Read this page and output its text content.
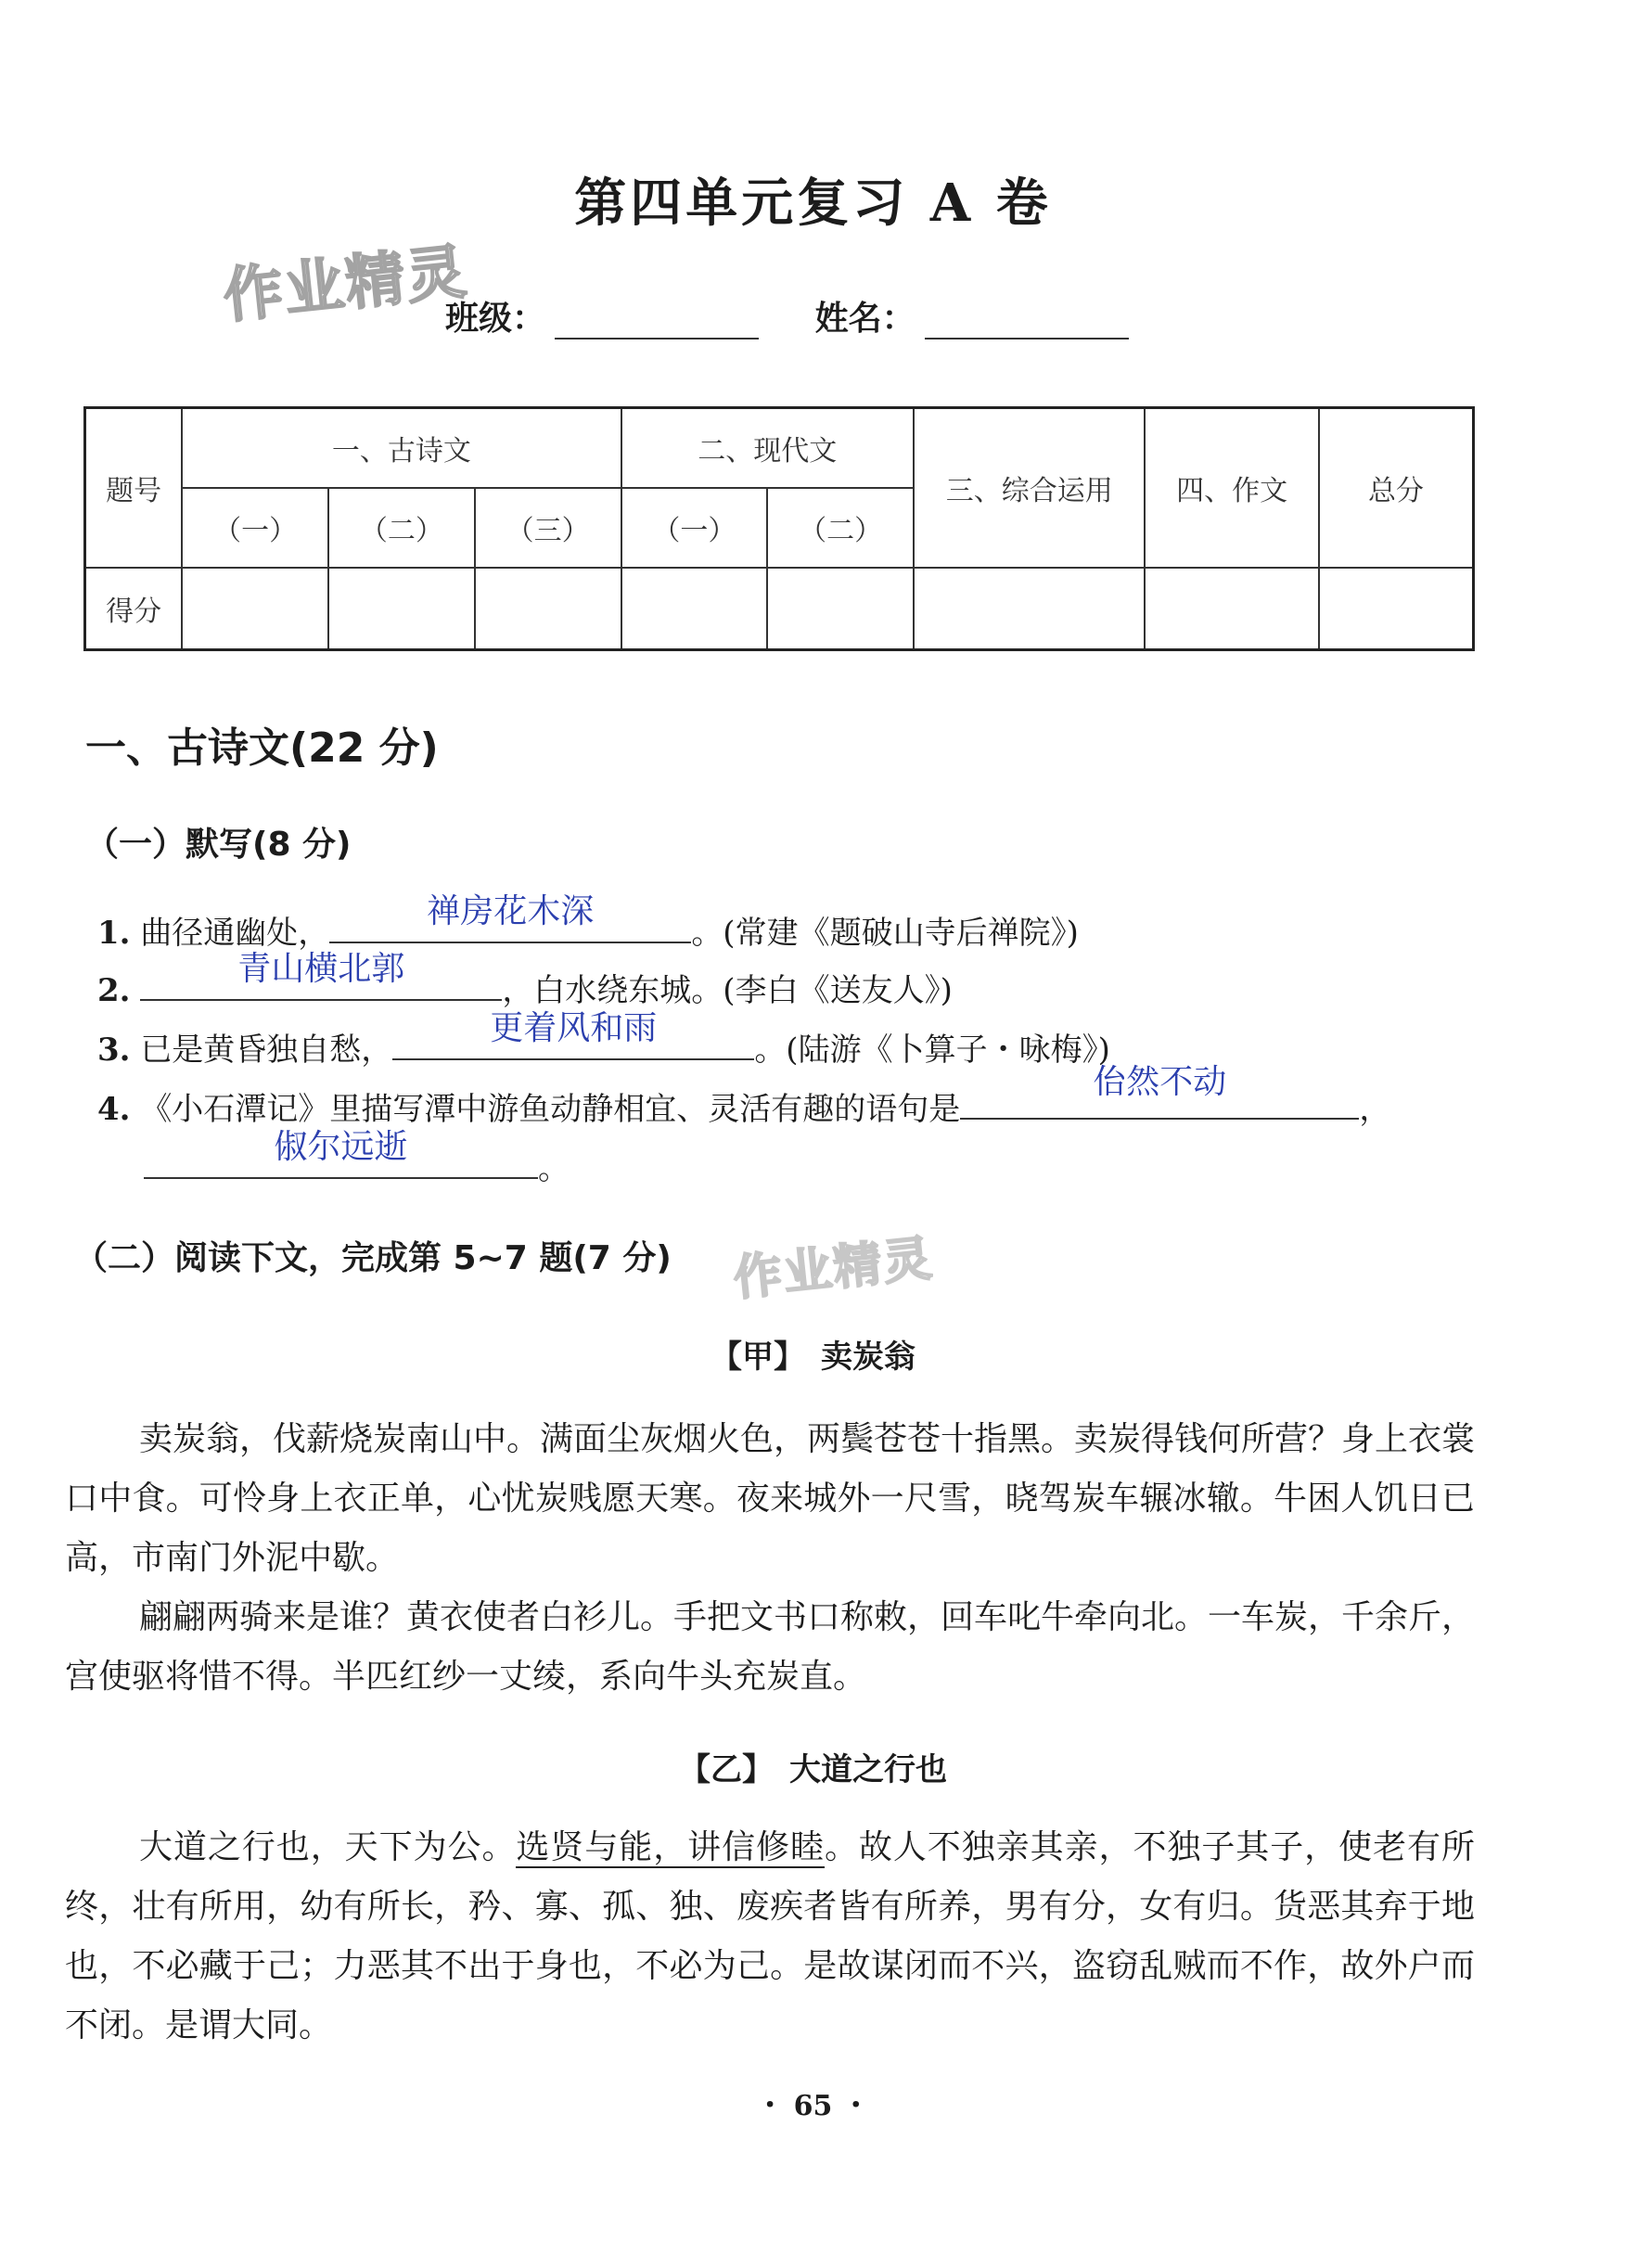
第四单元复习 A 卷
作业精灵
作业精灵
班级：	姓名：
题号	一、古诗文			二、现代文		三、综合运用	四、作文	总分
	（一）	（二）	（三）	（一）	（二）			
得分								
一、古诗文(22 分)
（一）默写(8 分)
1. 曲径通幽处，
禅房花木深
。(常建《题破山寺后禅院》)
2.
青山横北郭
，白水绕东城。(李白《送友人》)
3. 已是黄昏独自愁，
更着风和雨
。(陆游《卜算子・咏梅》)
4. 《小石潭记》里描写潭中游鱼动静相宜、灵活有趣的语句是
佁然不动
，
俶尔远逝
。
（二）阅读下文，完成第 5~7 题(7 分)
【甲】　卖炭翁

卖炭翁，伐薪烧炭南山中。满面尘灰烟火色，两鬓苍苍十指黑。卖炭得钱何所营？身上衣裳口中食。可怜身上衣正单，心忧炭贱愿天寒。夜来城外一尺雪，晓驾炭车辗冰辙。牛困人饥日已高，市南门外泥中歇。

翩翩两骑来是谁？黄衣使者白衫儿。手把文书口称敕，回车叱牛牵向北。一车炭，千余斤，宫使驱将惜不得。半匹红纱一丈绫，系向牛头充炭直。

【乙】　大道之行也

大道之行也，天下为公。选贤与能，讲信修睦。故人不独亲其亲，不独子其子，使老有所终，壮有所用，幼有所长，矜、寡、孤、独、废疾者皆有所养，男有分，女有归。货恶其弃于地也，不必藏于己；力恶其不出于身也，不必为己。是故谋闭而不兴，盗窃乱贼而不作，故外户而不闭。是谓大同。

・ 65 ・
